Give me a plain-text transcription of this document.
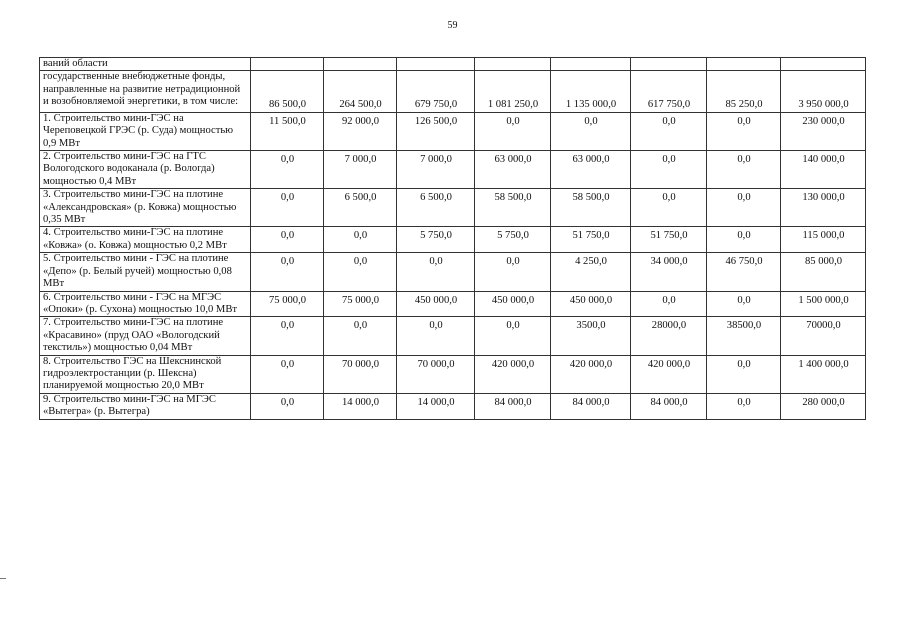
59
ваний области								
государственные внебюджетные фонды, направленные на развитие нетрадиционной и возобновляемой энергетики, в том числе:	86 500,0	264 500,0	679 750,0	1 081 250,0	1 135 000,0	617 750,0	85 250,0	3 950 000,0
1. Строительство мини-ГЭС на Череповецкой ГРЭС (р. Суда) мощностью 0,9 МВт	11 500,0	92 000,0	126 500,0	0,0	0,0	0,0	0,0	230 000,0
2. Строительство мини-ГЭС на ГТС Вологодского водоканала (р. Вологда) мощностью 0,4 МВт	0,0	7 000,0	7 000,0	63 000,0	63 000,0	0,0	0,0	140 000,0
3. Строительство мини-ГЭС на плотине «Александровская» (р. Ковжа) мощностью 0,35 МВт	0,0	6 500,0	6 500,0	58 500,0	58 500,0	0,0	0,0	130 000,0
4. Строительство мини-ГЭС на плотине «Ковжа» (о. Ковжа) мощностью 0,2 МВт	0,0	0,0	5 750,0	5 750,0	51 750,0	51 750,0	0,0	115 000,0
5. Строительство мини - ГЭС на плотине «Депо» (р. Белый ручей) мощностью 0,08 МВт	0,0	0,0	0,0	0,0	4 250,0	34 000,0	46 750,0	85 000,0
6. Строительство мини - ГЭС на МГЭС «Опоки» (р. Сухона) мощностью 10,0 МВт	75 000,0	75 000,0	450 000,0	450 000,0	450 000,0	0,0	0,0	1 500 000,0
7. Строительство мини-ГЭС на плотине «Красавино» (пруд ОАО «Вологодский текстиль») мощностью 0,04 МВт	0,0	0,0	0,0	0,0	3500,0	28000,0	38500,0	70000,0
8. Строительство ГЭС на Шекснинской гидроэлектростанции (р. Шексна) планируемой мощностью 20,0 МВт	0,0	70 000,0	70 000,0	420 000,0	420 000,0	420 000,0	0,0	1 400 000,0
9. Строительство мини-ГЭС на МГЭС «Вытегра» (р. Вытегра)	0,0	14 000,0	14 000,0	84 000,0	84 000,0	84 000,0	0,0	280 000,0
